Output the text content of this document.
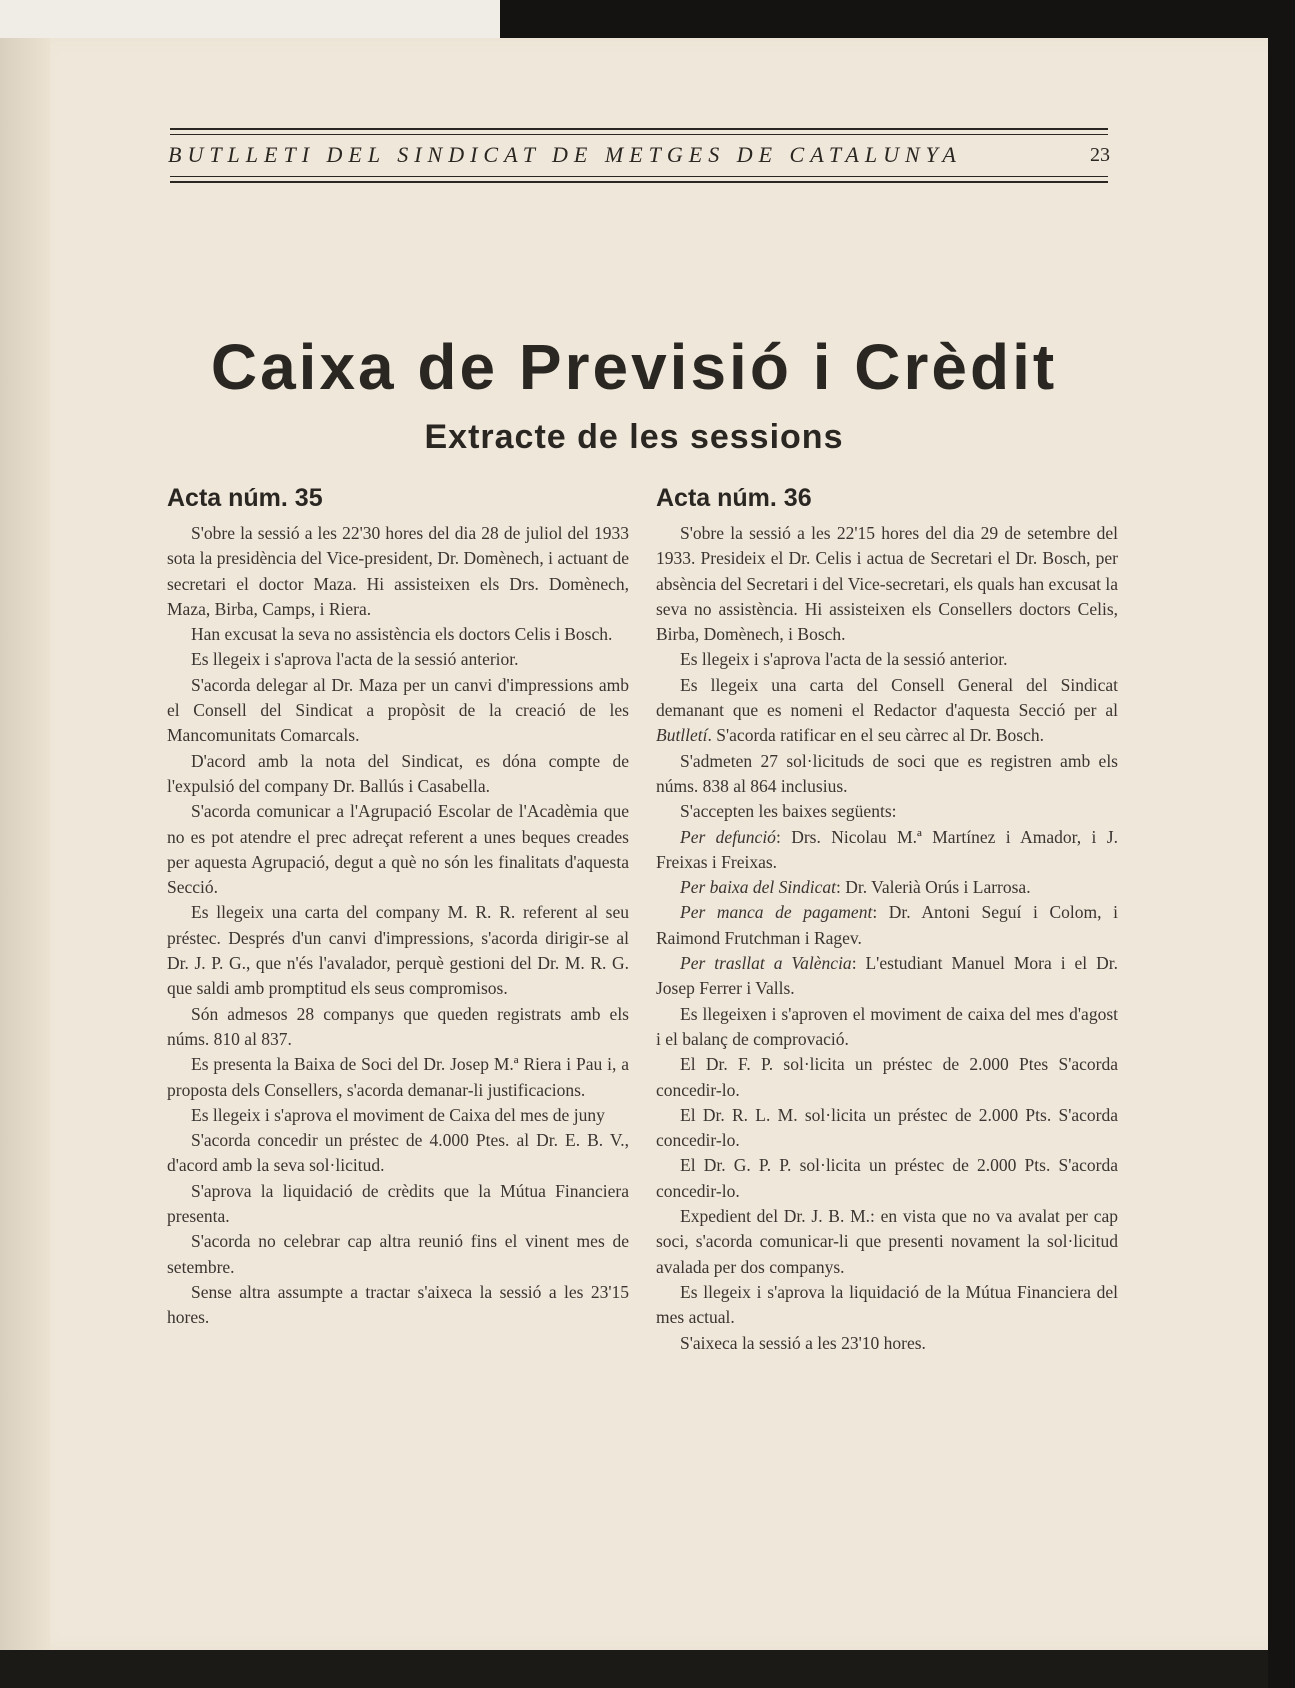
BUTLLETI DEL SINDICAT DE METGES DE CATALUNYA	23
Caixa de Previsió i Crèdit
Extracte de les sessions
Acta núm. 35

S'obre la sessió a les 22'30 hores del dia 28 de juliol del 1933 sota la presidència del Vice-president, Dr. Domènech, i actuant de secretari el doctor Maza. Hi assisteixen els Drs. Domènech, Maza, Birba, Camps, i Riera.

Han excusat la seva no assistència els doctors Celis i Bosch.

Es llegeix i s'aprova l'acta de la sessió anterior.

S'acorda delegar al Dr. Maza per un canvi d'impressions amb el Consell del Sindicat a propòsit de la creació de les Mancomunitats Comarcals.

D'acord amb la nota del Sindicat, es dóna compte de l'expulsió del company Dr. Ballús i Casabella.

S'acorda comunicar a l'Agrupació Escolar de l'Acadèmia que no es pot atendre el prec adreçat referent a unes beques creades per aquesta Agrupació, degut a què no són les finalitats d'aquesta Secció.

Es llegeix una carta del company M. R. R. referent al seu préstec. Després d'un canvi d'impressions, s'acorda dirigir-se al Dr. J. P. G., que n'és l'avalador, perquè gestioni del Dr. M. R. G. que saldi amb promptitud els seus compromisos.

Són admesos 28 companys que queden registrats amb els núms. 810 al 837.

Es presenta la Baixa de Soci del Dr. Josep M.ª Riera i Pau i, a proposta dels Consellers, s'acorda demanar-li justificacions.

Es llegeix i s'aprova el moviment de Caixa del mes de juny

S'acorda concedir un préstec de 4.000 Ptes. al Dr. E. B. V., d'acord amb la seva sol·licitud.

S'aprova la liquidació de crèdits que la Mútua Financiera presenta.

S'acorda no celebrar cap altra reunió fins el vinent mes de setembre.

Sense altra assumpte a tractar s'aixeca la sessió a les 23'15 hores.

Acta núm. 36

S'obre la sessió a les 22'15 hores del dia 29 de setembre del 1933. Presideix el Dr. Celis i actua de Secretari el Dr. Bosch, per absència del Secretari i del Vice-secretari, els quals han excusat la seva no assistència. Hi assisteixen els Consellers doctors Celis, Birba, Domènech, i Bosch.

Es llegeix i s'aprova l'acta de la sessió anterior.

Es llegeix una carta del Consell General del Sindicat demanant que es nomeni el Redactor d'aquesta Secció per al Butlletí. S'acorda ratificar en el seu càrrec al Dr. Bosch.

S'admeten 27 sol·licituds de soci que es registren amb els núms. 838 al 864 inclusius.

S'accepten les baixes següents:

Per defunció: Drs. Nicolau M.ª Martínez i Amador, i J. Freixas i Freixas.

Per baixa del Sindicat: Dr. Valerià Orús i Larrosa.

Per manca de pagament: Dr. Antoni Seguí i Colom, i Raimond Frutchman i Ragev.

Per trasllat a València: L'estudiant Manuel Mora i el Dr. Josep Ferrer i Valls.

Es llegeixen i s'aproven el moviment de caixa del mes d'agost i el balanç de comprovació.

El Dr. F. P. sol·licita un préstec de 2.000 Ptes S'acorda concedir-lo.

El Dr. R. L. M. sol·licita un préstec de 2.000 Pts. S'acorda concedir-lo.

El Dr. G. P. P. sol·licita un préstec de 2.000 Pts. S'acorda concedir-lo.

Expedient del Dr. J. B. M.: en vista que no va avalat per cap soci, s'acorda comunicar-li que presenti novament la sol·licitud avalada per dos companys.

Es llegeix i s'aprova la liquidació de la Mútua Financiera del mes actual.

S'aixeca la sessió a les 23'10 hores.
